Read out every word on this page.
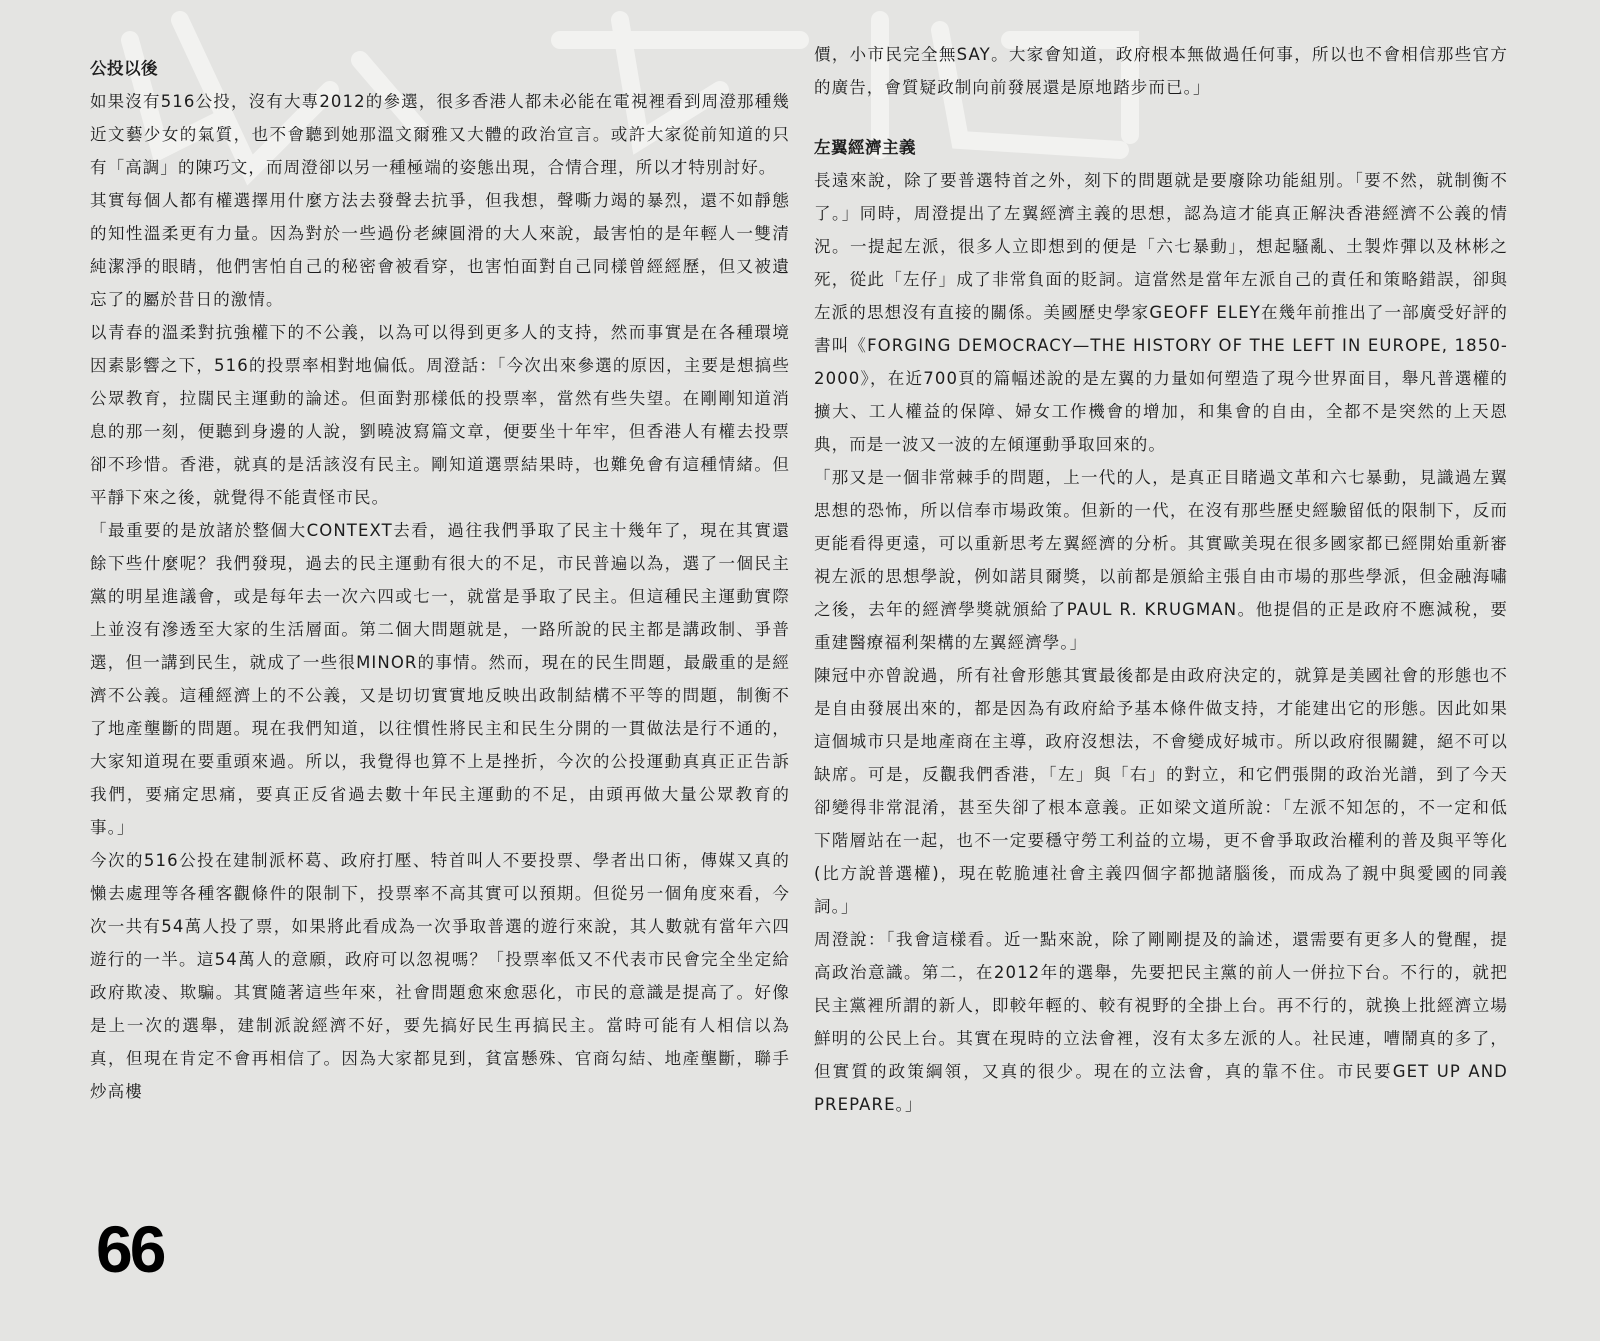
公投以後

如果沒有516公投，沒有大專2012的參選，很多香港人都未必能在電視裡看到周澄那種幾近文藝少女的氣質，也不會聽到她那溫文爾雅又大體的政治宣言。或許大家從前知道的只有「高調」的陳巧文，而周澄卻以另一種極端的姿態出現，合情合理，所以才特別討好。

其實每個人都有權選擇用什麼方法去發聲去抗爭，但我想，聲嘶力竭的暴烈，還不如靜態的知性溫柔更有力量。因為對於一些過份老練圓滑的大人來說，最害怕的是年輕人一雙清純潔淨的眼睛，他們害怕自己的秘密會被看穿，也害怕面對自己同樣曾經經歷，但又被遺忘了的屬於昔日的激情。

以青春的溫柔對抗強權下的不公義，以為可以得到更多人的支持，然而事實是在各種環境因素影響之下，516的投票率相對地偏低。周澄話：「今次出來參選的原因，主要是想搞些公眾教育，拉闊民主運動的論述。但面對那樣低的投票率，當然有些失望。在剛剛知道消息的那一刻，便聽到身邊的人說，劉曉波寫篇文章，便要坐十年牢，但香港人有權去投票卻不珍惜。香港，就真的是活該沒有民主。剛知道選票結果時，也難免會有這種情緒。但平靜下來之後，就覺得不能責怪市民。

「最重要的是放諸於整個大CONTEXT去看，過往我們爭取了民主十幾年了，現在其實還餘下些什麼呢？我們發現，過去的民主運動有很大的不足，市民普遍以為，選了一個民主黨的明星進議會，或是每年去一次六四或七一，就當是爭取了民主。但這種民主運動實際上並沒有滲透至大家的生活層面。第二個大問題就是，一路所說的民主都是講政制、爭普選，但一講到民生，就成了一些很MINOR的事情。然而，現在的民生問題，最嚴重的是經濟不公義。這種經濟上的不公義，又是切切實實地反映出政制結構不平等的問題，制衡不了地產壟斷的問題。現在我們知道，以往慣性將民主和民生分開的一貫做法是行不通的，大家知道現在要重頭來過。所以，我覺得也算不上是挫折，今次的公投運動真真正正告訴我們，要痛定思痛，要真正反省過去數十年民主運動的不足，由頭再做大量公眾教育的事。」

今次的516公投在建制派杯葛、政府打壓、特首叫人不要投票、學者出口術，傳媒又真的懶去處理等各種客觀條件的限制下，投票率不高其實可以預期。但從另一個角度來看，今次一共有54萬人投了票，如果將此看成為一次爭取普選的遊行來說，其人數就有當年六四遊行的一半。這54萬人的意願，政府可以忽視嗎？「投票率低又不代表市民會完全坐定給政府欺凌、欺騙。其實隨著這些年來，社會問題愈來愈惡化，市民的意識是提高了。好像是上一次的選舉，建制派說經濟不好，要先搞好民生再搞民主。當時可能有人相信以為真，但現在肯定不會再相信了。因為大家都見到，貧富懸殊、官商勾結、地產壟斷，聯手炒高樓

價，小市民完全無SAY。大家會知道，政府根本無做過任何事，所以也不會相信那些官方的廣告，會質疑政制向前發展還是原地踏步而已。」

左翼經濟主義

長遠來說，除了要普選特首之外，刻下的問題就是要廢除功能組別。「要不然，就制衡不了。」同時，周澄提出了左翼經濟主義的思想，認為這才能真正解決香港經濟不公義的情況。一提起左派，很多人立即想到的便是「六七暴動」，想起騷亂、土製炸彈以及林彬之死，從此「左仔」成了非常負面的貶詞。這當然是當年左派自己的責任和策略錯誤，卻與左派的思想沒有直接的關係。美國歷史學家GEOFF ELEY在幾年前推出了一部廣受好評的書叫《FORGING DEMOCRACY—THE HISTORY OF THE LEFT IN EUROPE, 1850-2000》，在近700頁的篇幅述說的是左翼的力量如何塑造了現今世界面目，舉凡普選權的擴大、工人權益的保障、婦女工作機會的增加，和集會的自由，全都不是突然的上天恩典，而是一波又一波的左傾運動爭取回來的。

「那又是一個非常棘手的問題，上一代的人，是真正目睹過文革和六七暴動，見識過左翼思想的恐怖，所以信奉市場政策。但新的一代，在沒有那些歷史經驗留低的限制下，反而更能看得更遠，可以重新思考左翼經濟的分析。其實歐美現在很多國家都已經開始重新審視左派的思想學說，例如諾貝爾獎，以前都是頒給主張自由市場的那些學派，但金融海嘯之後，去年的經濟學獎就頒給了PAUL R. KRUGMAN。他提倡的正是政府不應減稅，要重建醫療福利架構的左翼經濟學。」

陳冠中亦曾說過，所有社會形態其實最後都是由政府決定的，就算是美國社會的形態也不是自由發展出來的，都是因為有政府給予基本條件做支持，才能建出它的形態。因此如果這個城市只是地產商在主導，政府沒想法，不會變成好城市。所以政府很關鍵，絕不可以缺席。可是，反觀我們香港，「左」與「右」的對立，和它們張開的政治光譜，到了今天卻變得非常混淆，甚至失卻了根本意義。正如梁文道所說：「左派不知怎的，不一定和低下階層站在一起，也不一定要穩守勞工利益的立場，更不會爭取政治權利的普及與平等化(比方說普選權)，現在乾脆連社會主義四個字都拋諸腦後，而成為了親中與愛國的同義詞。」

周澄說：「我會這樣看。近一點來說，除了剛剛提及的論述，還需要有更多人的覺醒，提高政治意識。第二，在2012年的選舉，先要把民主黨的前人一併拉下台。不行的，就把民主黨裡所謂的新人，即較年輕的、較有視野的全掛上台。再不行的，就換上批經濟立場鮮明的公民上台。其實在現時的立法會裡，沒有太多左派的人。社民連，嘈鬧真的多了，但實質的政策綱領，又真的很少。現在的立法會，真的靠不住。市民要GET UP AND PREPARE。」

66
